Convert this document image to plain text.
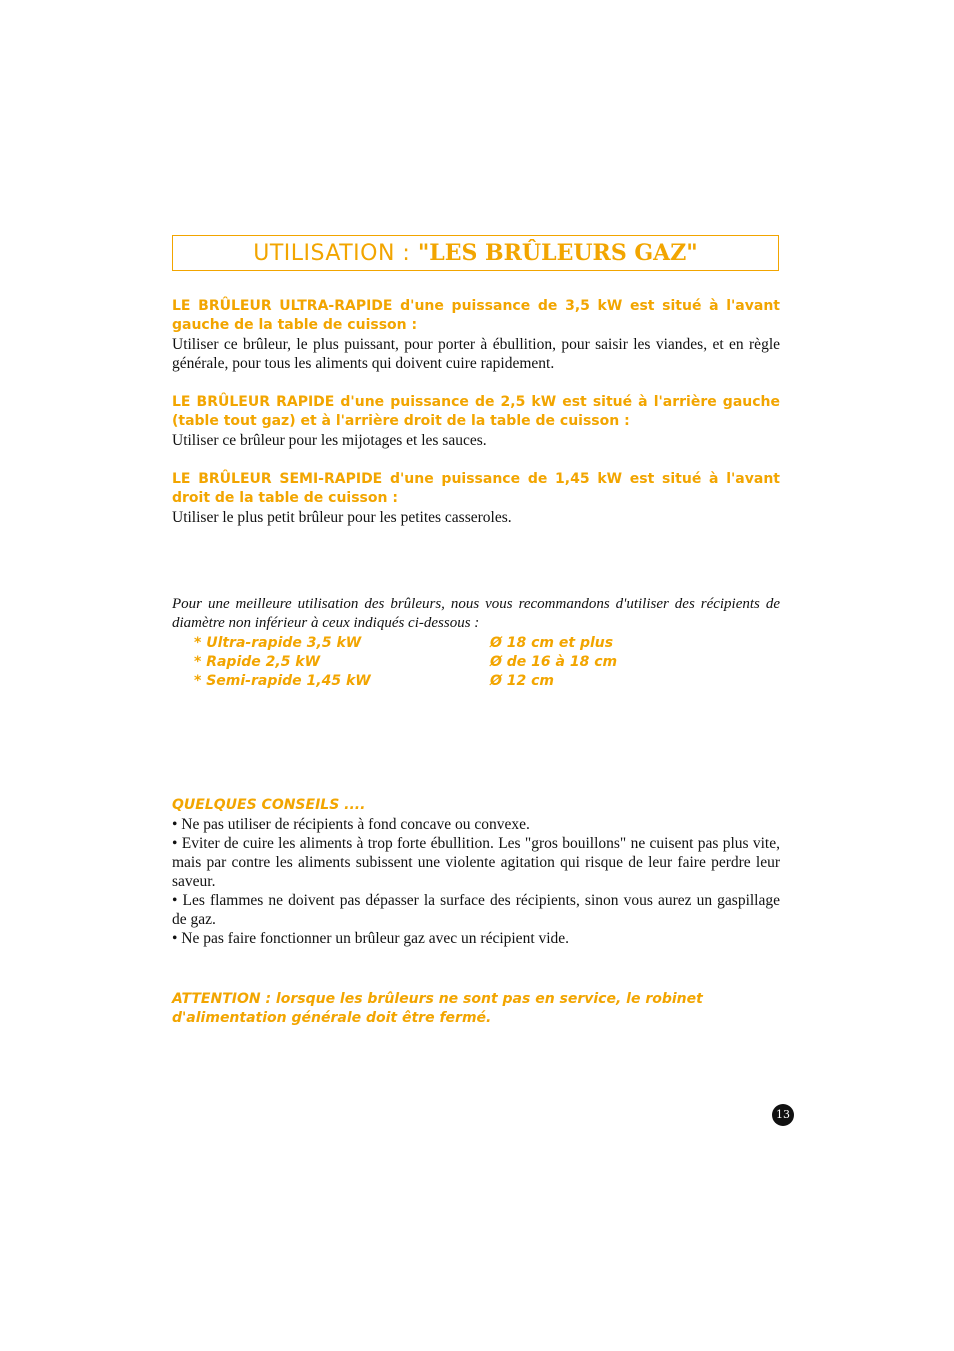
UTILISATION : "LES BRÛLEURS GAZ"
LE BRÛLEUR ULTRA-RAPIDE d'une puissance de 3,5 kW est situé à l'avant gauche de la table de cuisson :
Utiliser ce brûleur, le plus puissant, pour porter à ébullition, pour saisir les viandes, et en règle générale, pour tous les aliments qui doivent cuire rapidement.
LE BRÛLEUR RAPIDE d'une puissance de 2,5 kW est situé à l'arrière gauche (table tout gaz) et à l'arrière droit de la table de cuisson :
Utiliser ce brûleur pour les mijotages et les sauces.
LE BRÛLEUR SEMI-RAPIDE d'une puissance de 1,45 kW est situé à l'avant droit de la table de cuisson :
Utiliser le plus petit brûleur pour les petites casseroles.
Pour une meilleure utilisation des brûleurs, nous vous recommandons d'utiliser des récipients de diamètre non inférieur à ceux indiqués ci-dessous :
* Ultra-rapide 3,5 kW	Ø 18 cm et plus
* Rapide 2,5 kW	Ø de 16 à 18 cm
* Semi-rapide 1,45 kW	Ø 12 cm
QUELQUES CONSEILS ....
• Ne pas utiliser de récipients à fond concave ou convexe.
• Eviter de cuire les aliments à trop forte ébullition. Les "gros bouillons" ne cuisent pas plus vite, mais par contre les aliments subissent une violente agitation qui risque de leur faire perdre leur saveur.
• Les flammes ne doivent pas dépasser la surface des récipients, sinon vous aurez un gaspillage de gaz.
• Ne pas faire fonctionner un brûleur gaz avec un récipient vide.
ATTENTION : lorsque les brûleurs ne sont pas en service, le robinet d'alimentation générale doit être fermé.
13
